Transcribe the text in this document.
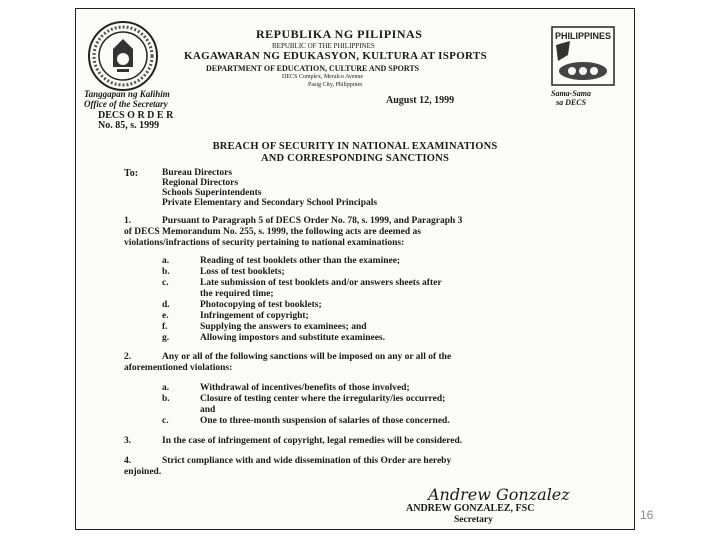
PHILIPPINES
REPUBLIKA NG PILIPINAS
REPUBLIC OF THE PHILIPPINES
KAGAWARAN NG EDUKASYON, KULTURA AT ISPORTS
DEPARTMENT OF EDUCATION, CULTURE AND SPORTS
DECS Complex, Meralco Avenue
Pasig City, Philippines
Sama-Sama
sa DECS
Tanggapan ng Kalihim
Office of the Secretary	August 12, 1999
DECS O R D E R
No. 85, s. 1999
BREACH OF SECURITY IN NATIONAL EXAMINATIONS
AND CORRESPONDING SANCTIONS
To:	Bureau Directors
Regional Directors
Schools Superintendents
Private Elementary and Secondary School Principals
1.	Pursuant to Paragraph 5 of DECS Order No. 78, s. 1999, and Paragraph 3
of DECS Memorandum No. 255, s. 1999, the following acts are deemed as
violations/infractions of security pertaining to national examinations:
a.	Reading of test booklets other than the examinee;
b.	Loss of test booklets;
c.	Late submission of test booklets and/or answers sheets after
the required time;
d.	Photocopying of test booklets;
e.	Infringement of copyright;
f.	Supplying the answers to examinees; and
g.	Allowing impostors and substitute examinees.
2.	Any or all of the following sanctions will be imposed on any or all of the
aforementioned violations:
a.	Withdrawal of incentives/benefits of those involved;
b.	Closure of testing center where the irregularity/ies occurred;
and
c.	One to three-month suspension of salaries of those concerned.
3.	In the case of infringement of copyright, legal remedies will be considered.
4.	Strict compliance with and wide dissemination of this Order are hereby
enjoined.
Andrew Gonzalez
ANDREW GONZALEZ, FSC
Secretary	16
